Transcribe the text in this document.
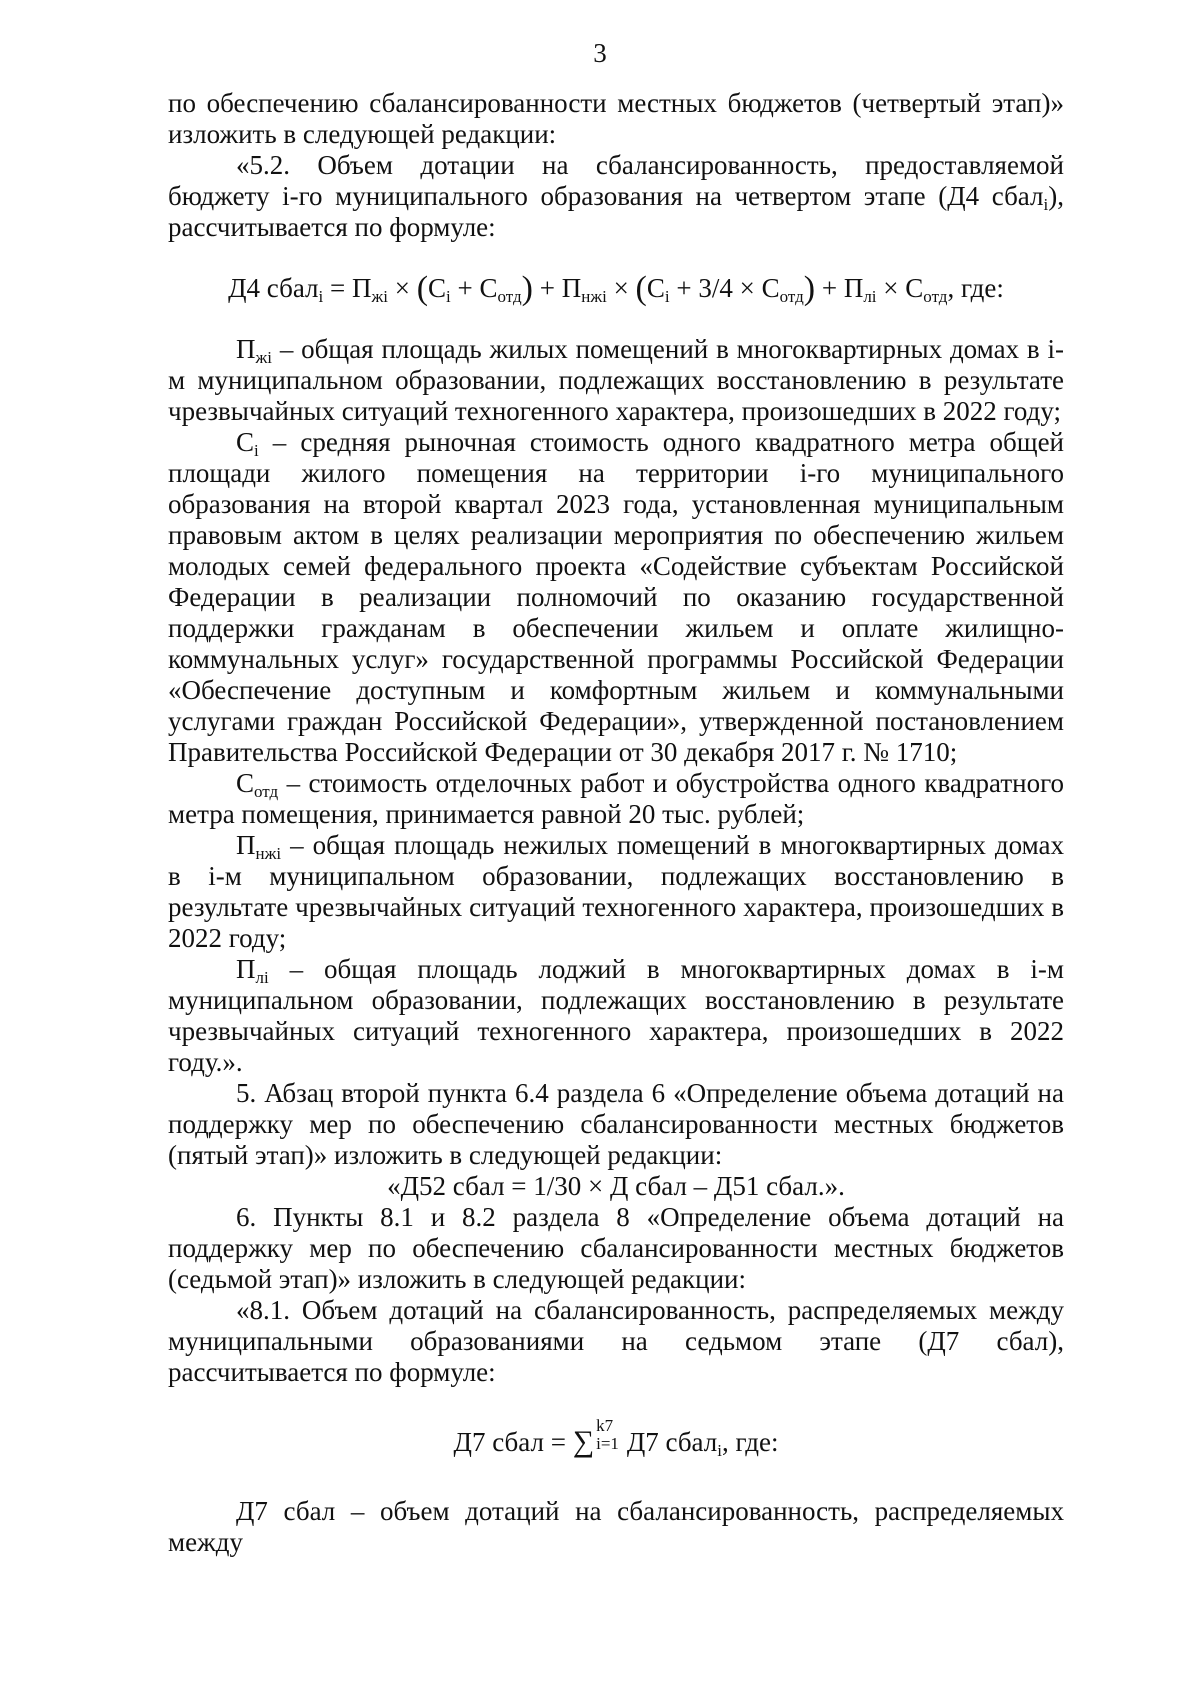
3

по обеспечению сбалансированности местных бюджетов (четвертый этап)» изложить в следующей редакции:

«5.2. Объем дотации на сбалансированность, предоставляемой бюджету i-го муниципального образования на четвертом этапе (Д4 сбал$_i$), рассчитывается по формуле:

Д4 сбал$_i$ = $П_{жi} \times (С_i + С_{отд}) + П_{нжi} \times (С_i + 3/4 \times С_{отд}) + П_{лi} \times С_{отд}$, где:

$П_{жi}$ – общая площадь жилых помещений в многоквартирных домах в i-м муниципальном образовании, подлежащих восстановлению в результате чрезвычайных ситуаций техногенного характера, произошедших в 2022 году;

$С_i$ – средняя рыночная стоимость одного квадратного метра общей площади жилого помещения на территории i-го муниципального образования на второй квартал 2023 года, установленная муниципальным правовым актом в целях реализации мероприятия по обеспечению жильем молодых семей федерального проекта «Содействие субъектам Российской Федерации в реализации полномочий по оказанию государственной поддержки гражданам в обеспечении жильем и оплате жилищно-коммунальных услуг» государственной программы Российской Федерации «Обеспечение доступным и комфортным жильем и коммунальными услугами граждан Российской Федерации», утвержденной постановлением Правительства Российской Федерации от 30 декабря 2017 г. № 1710;

$С_{отд}$ – стоимость отделочных работ и обустройства одного квадратного метра помещения, принимается равной 20 тыс. рублей;

$П_{нжi}$ – общая площадь нежилых помещений в многоквартирных домах в i-м муниципальном образовании, подлежащих восстановлению в результате чрезвычайных ситуаций техногенного характера, произошедших в 2022 году;

$П_{лi}$ – общая площадь лоджий в многоквартирных домах в i-м муниципальном образовании, подлежащих восстановлению в результате чрезвычайных ситуаций техногенного характера, произошедших в 2022 году.».

5. Абзац второй пункта 6.4 раздела 6 «Определение объема дотаций на поддержку мер по обеспечению сбалансированности местных бюджетов (пятый этап)» изложить в следующей редакции:

«Д52 сбал = 1/30 × Д сбал – Д51 сбал.».

6. Пункты 8.1 и 8.2 раздела 8 «Определение объема дотаций на поддержку мер по обеспечению сбалансированности местных бюджетов (седьмой этап)» изложить в следующей редакции:

«8.1. Объем дотаций на сбалансированность, распределяемых между муниципальными образованиями на седьмом этапе (Д7 сбал), рассчитывается по формуле:

Д7 сбал = ∑ k7
i=1 Д7 сбал$_i$, где:

Д7 сбал – объем дотаций на сбалансированность, распределяемых между
